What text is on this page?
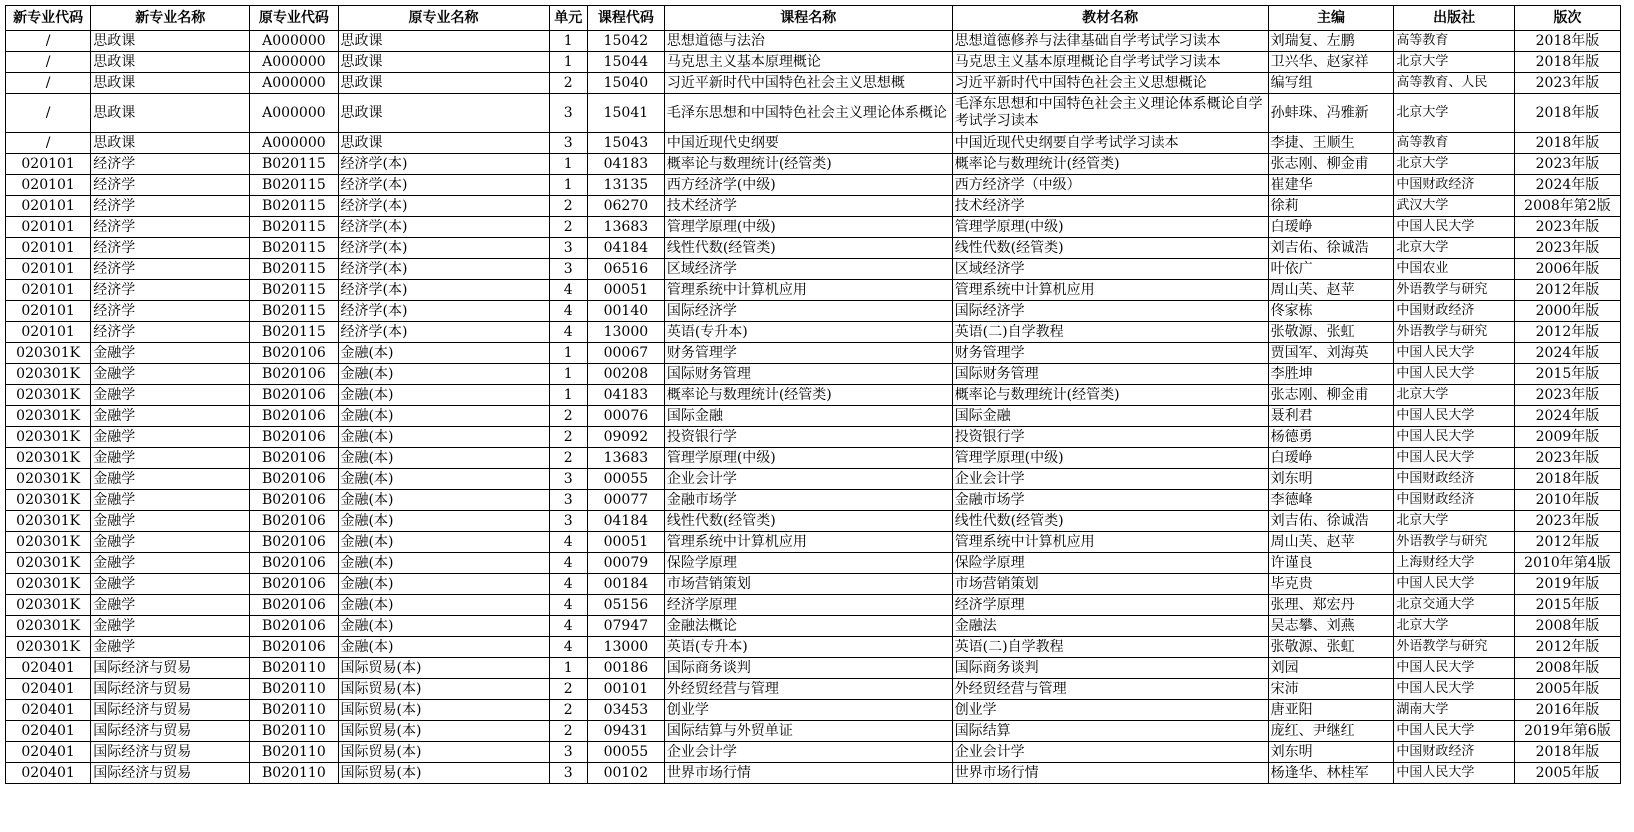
新专业代码	新专业名称	原专业代码	原专业名称	单元	课程代码	课程名称	教材名称	主编	出版社	版次
/	思政课	A000000	思政课	1	15042	思想道德与法治	思想道德修养与法律基础自学考试学习读本	刘瑞复、左鹏	高等教育	2018年版
/	思政课	A000000	思政课	1	15044	马克思主义基本原理概论	马克思主义基本原理概论自学考试学习读本	卫兴华、赵家祥	北京大学	2018年版
/	思政课	A000000	思政课	2	15040	习近平新时代中国特色社会主义思想概	习近平新时代中国特色社会主义思想概论	编写组	高等教育、人民	2023年版
/	思政课	A000000	思政课	3	15041	毛泽东思想和中国特色社会主义理论体系概论	毛泽东思想和中国特色社会主义理论体系概论自学考试学习读本	孙蚌珠、冯雅新	北京大学	2018年版
/	思政课	A000000	思政课	3	15043	中国近现代史纲要	中国近现代史纲要自学考试学习读本	李捷、王顺生	高等教育	2018年版
020101	经济学	B020115	经济学(本)	1	04183	概率论与数理统计(经管类)	概率论与数理统计(经管类)	张志刚、柳金甫	北京大学	2023年版
020101	经济学	B020115	经济学(本)	1	13135	西方经济学(中级)	西方经济学（中级）	崔建华	中国财政经济	2024年版
020101	经济学	B020115	经济学(本)	2	06270	技术经济学	技术经济学	徐莉	武汉大学	2008年第2版
020101	经济学	B020115	经济学(本)	2	13683	管理学原理(中级)	管理学原理(中级)	白瑷峥	中国人民大学	2023年版
020101	经济学	B020115	经济学(本)	3	04184	线性代数(经管类)	线性代数(经管类)	刘吉佑、徐诚浩	北京大学	2023年版
020101	经济学	B020115	经济学(本)	3	06516	区域经济学	区域经济学	叶依广	中国农业	2006年版
020101	经济学	B020115	经济学(本)	4	00051	管理系统中计算机应用	管理系统中计算机应用	周山芙、赵苹	外语教学与研究	2012年版
020101	经济学	B020115	经济学(本)	4	00140	国际经济学	国际经济学	佟家栋	中国财政经济	2000年版
020101	经济学	B020115	经济学(本)	4	13000	英语(专升本)	英语(二)自学教程	张敬源、张虹	外语教学与研究	2012年版
020301K	金融学	B020106	金融(本)	1	00067	财务管理学	财务管理学	贾国军、刘海英	中国人民大学	2024年版
020301K	金融学	B020106	金融(本)	1	00208	国际财务管理	国际财务管理	李胜坤	中国人民大学	2015年版
020301K	金融学	B020106	金融(本)	1	04183	概率论与数理统计(经管类)	概率论与数理统计(经管类)	张志刚、柳金甫	北京大学	2023年版
020301K	金融学	B020106	金融(本)	2	00076	国际金融	国际金融	聂利君	中国人民大学	2024年版
020301K	金融学	B020106	金融(本)	2	09092	投资银行学	投资银行学	杨德勇	中国人民大学	2009年版
020301K	金融学	B020106	金融(本)	2	13683	管理学原理(中级)	管理学原理(中级)	白瑷峥	中国人民大学	2023年版
020301K	金融学	B020106	金融(本)	3	00055	企业会计学	企业会计学	刘东明	中国财政经济	2018年版
020301K	金融学	B020106	金融(本)	3	00077	金融市场学	金融市场学	李德峰	中国财政经济	2010年版
020301K	金融学	B020106	金融(本)	3	04184	线性代数(经管类)	线性代数(经管类)	刘吉佑、徐诚浩	北京大学	2023年版
020301K	金融学	B020106	金融(本)	4	00051	管理系统中计算机应用	管理系统中计算机应用	周山芙、赵苹	外语教学与研究	2012年版
020301K	金融学	B020106	金融(本)	4	00079	保险学原理	保险学原理	许谨良	上海财经大学	2010年第4版
020301K	金融学	B020106	金融(本)	4	00184	市场营销策划	市场营销策划	毕克贵	中国人民大学	2019年版
020301K	金融学	B020106	金融(本)	4	05156	经济学原理	经济学原理	张理、郑宏丹	北京交通大学	2015年版
020301K	金融学	B020106	金融(本)	4	07947	金融法概论	金融法	吴志攀、刘燕	北京大学	2008年版
020301K	金融学	B020106	金融(本)	4	13000	英语(专升本)	英语(二)自学教程	张敬源、张虹	外语教学与研究	2012年版
020401	国际经济与贸易	B020110	国际贸易(本)	1	00186	国际商务谈判	国际商务谈判	刘园	中国人民大学	2008年版
020401	国际经济与贸易	B020110	国际贸易(本)	2	00101	外经贸经营与管理	外经贸经营与管理	宋沛	中国人民大学	2005年版
020401	国际经济与贸易	B020110	国际贸易(本)	2	03453	创业学	创业学	唐亚阳	湖南大学	2016年版
020401	国际经济与贸易	B020110	国际贸易(本)	2	09431	国际结算与外贸单证	国际结算	庞红、尹继红	中国人民大学	2019年第6版
020401	国际经济与贸易	B020110	国际贸易(本)	3	00055	企业会计学	企业会计学	刘东明	中国财政经济	2018年版
020401	国际经济与贸易	B020110	国际贸易(本)	3	00102	世界市场行情	世界市场行情	杨逢华、林桂军	中国人民大学	2005年版
